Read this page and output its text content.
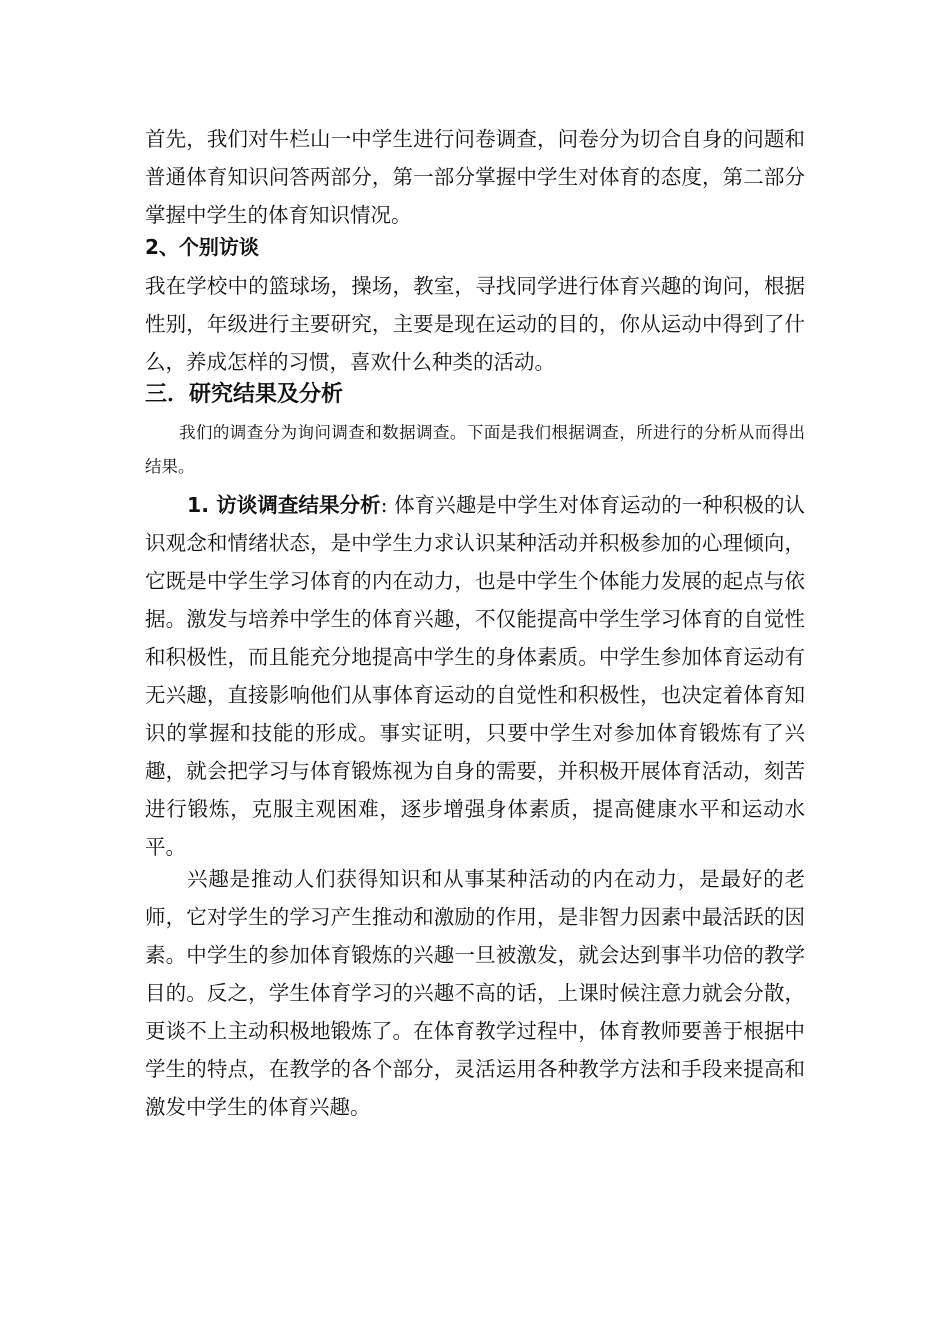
首先，我们对牛栏山一中学生进行问卷调查，问卷分为切合自身的问题和普通体育知识问答两部分，第一部分掌握中学生对体育的态度，第二部分掌握中学生的体育知识情况。

2、个别访谈

我在学校中的篮球场，操场，教室，寻找同学进行体育兴趣的询问，根据性别，年级进行主要研究，主要是现在运动的目的，你从运动中得到了什么，养成怎样的习惯，喜欢什么种类的活动。

三．研究结果及分析

我们的调查分为询问调查和数据调查。下面是我们根据调查，所进行的分析从而得出结果。

1. 访谈调查结果分析: 体育兴趣是中学生对体育运动的一种积极的认识观念和情绪状态，是中学生力求认识某种活动并积极参加的心理倾向，它既是中学生学习体育的内在动力，也是中学生个体能力发展的起点与依据。激发与培养中学生的体育兴趣，不仅能提高中学生学习体育的自觉性和积极性，而且能充分地提高中学生的身体素质。中学生参加体育运动有无兴趣，直接影响他们从事体育运动的自觉性和积极性，也决定着体育知识的掌握和技能的形成。事实证明，只要中学生对参加体育锻炼有了兴趣，就会把学习与体育锻炼视为自身的需要，并积极开展体育活动，刻苦进行锻炼，克服主观困难，逐步增强身体素质，提高健康水平和运动水平。

兴趣是推动人们获得知识和从事某种活动的内在动力，是最好的老师，它对学生的学习产生推动和激励的作用，是非智力因素中最活跃的因素。中学生的参加体育锻炼的兴趣一旦被激发，就会达到事半功倍的教学目的。反之，学生体育学习的兴趣不高的话，上课时候注意力就会分散，更谈不上主动积极地锻炼了。在体育教学过程中，体育教师要善于根据中学生的特点，在教学的各个部分，灵活运用各种教学方法和手段来提高和激发中学生的体育兴趣。
